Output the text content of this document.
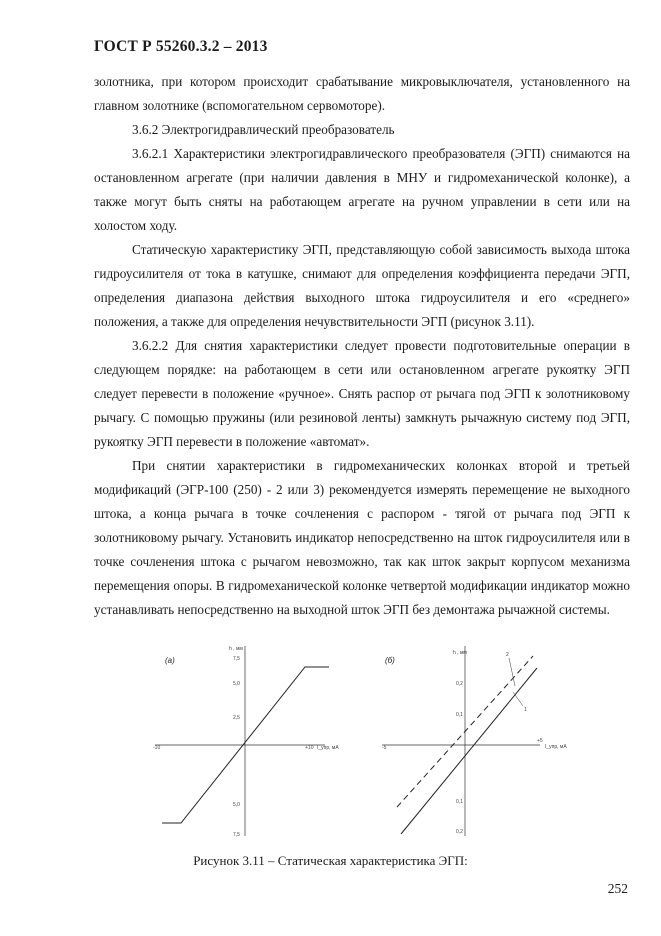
ГОСТ Р 55260.3.2 – 2013

золотника, при котором происходит срабатывание микровыключателя, установленного на главном золотнике (вспомогательном сервомоторе).

3.6.2 Электрогидравлический преобразователь

3.6.2.1 Характеристики электрогидравлического преобразователя (ЭГП) снимаются на остановленном агрегате (при наличии давления в МНУ и гидромеханической колонке), а также могут быть сняты на работающем агрегате на ручном управлении в сети или на холостом ходу.

Статическую характеристику ЭГП, представляющую собой зависимость выхода штока гидроусилителя от тока в катушке, снимают для определения коэффициента передачи ЭГП, определения диапазона действия выходного штока гидроусилителя и его «среднего» положения, а также для определения нечувствительности ЭГП (рисунок 3.11).

3.6.2.2 Для снятия характеристики следует провести подготовительные операции в следующем порядке: на работающем в сети или остановленном агрегате рукоятку ЭГП следует перевести в положение «ручное». Снять распор от рычага под ЭГП к золотниковому рычагу. С помощью пружины (или резиновой ленты) замкнуть рычажную систему под ЭГП, рукоятку ЭГП перевести в положение «автомат».

При снятии характеристики в гидромеханических колонках второй и третьей модификаций (ЭГР-100 (250) - 2 или 3) рекомендуется измерять перемещение не выходного штока, а конца рычага в точке сочленения с распором - тягой от рычага под ЭГП к золотниковому рычагу. Установить индикатор непосредственно на шток гидроусилителя или в точке сочленения штока с рычагом невозможно, так как шток закрыт корпусом механизма перемещения опоры. В гидромеханической колонке четвертой модификации индикатор можно устанавливать непосредственно на выходной шток ЭГП без демонтажа рычажной системы.

(а)
h , мм
I_упр, мА
-10	+10
7,5
5,0
2,5
5,0
7,5
(б)
h , мм
I_упр, мА
-5
+5
0,2
0,1
0,1
0,2
2
1
Рисунок 3.11 – Статическая характеристика ЭГП:
252
